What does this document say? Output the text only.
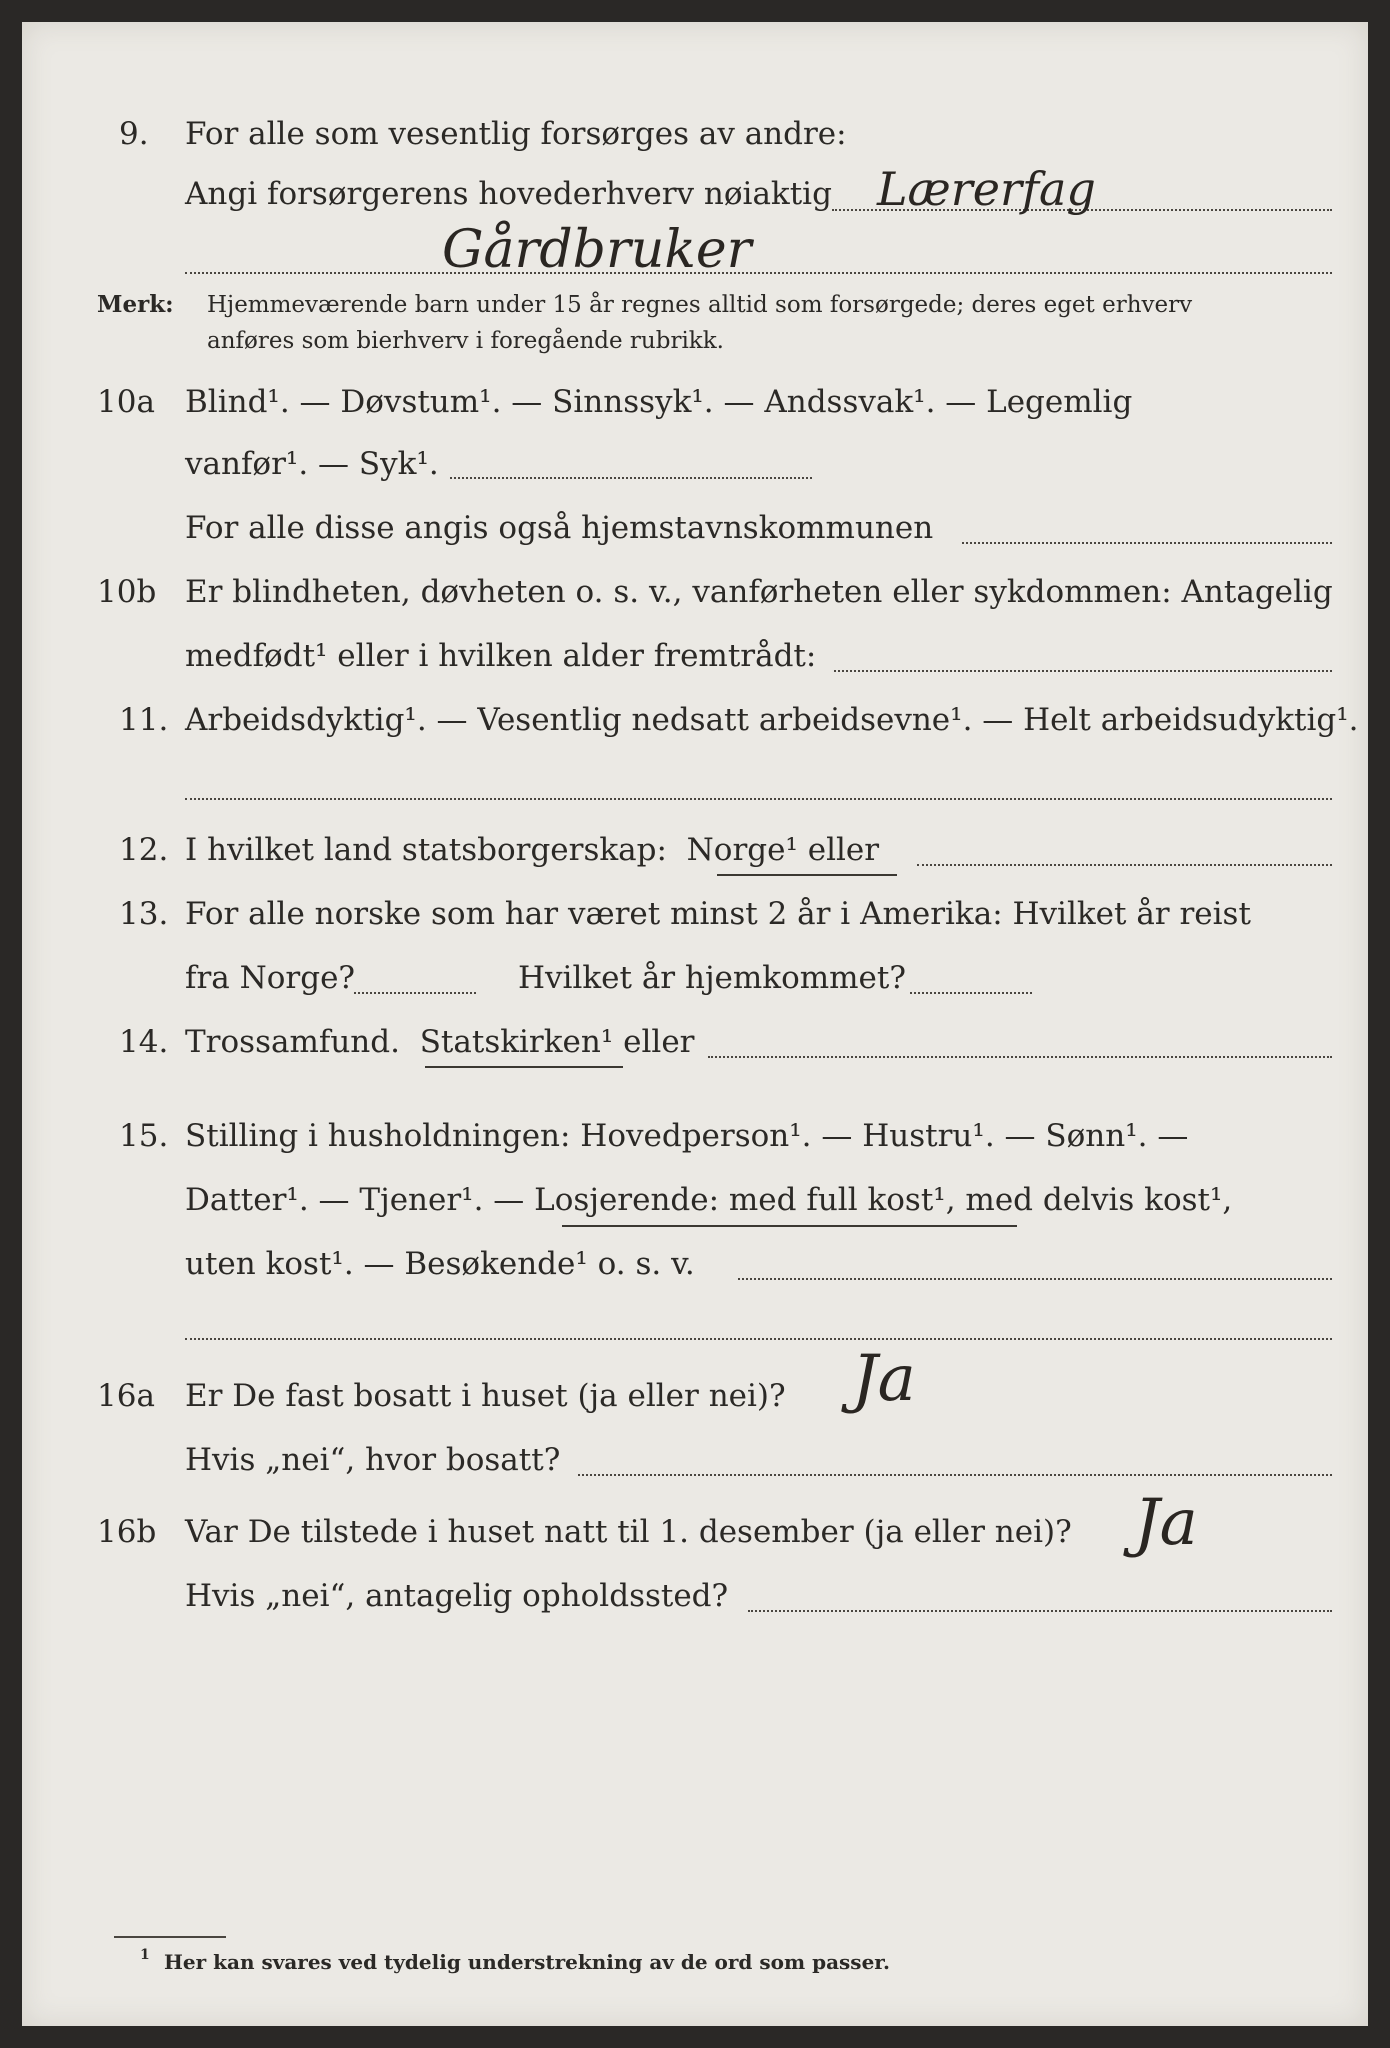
9. For alle som vesentlig forsørges av andre:
Angi forsørgerens hovederhverv nøiaktig Lærerfag
Gårdbruker
Merk: Hjemmeværende barn under 15 år regnes alltid som forsørgede; deres eget erhverv
anføres som bierhverv i foregående rubrikk.
10a Blind¹. — Døvstum¹. — Sinnssyk¹. — Andssvak¹. — Legemlig
vanfør¹. — Syk¹.
For alle disse angis også hjemstavnskommunen
10b Er blindheten, døvheten o. s. v., vanførheten eller sykdommen: Antagelig
medfødt¹ eller i hvilken alder fremtrådt:
11. Arbeidsdyktig¹. — Vesentlig nedsatt arbeidsevne¹. — Helt arbeidsudyktig¹.
12. I hvilket land statsborgerskap: Norge¹ eller
13. For alle norske som har været minst 2 år i Amerika: Hvilket år reist
fra Norge?	Hvilket år hjemkommet?
14. Trossamfund. Statskirken¹ eller
15. Stilling i husholdningen: Hovedperson¹. — Hustru¹. — Sønn¹. —
Datter¹. — Tjener¹. — Losjerende: med full kost¹, med delvis kost¹,
uten kost¹. — Besøkende¹ o. s. v.
16a Er De fast bosatt i huset (ja eller nei)? Ja
Hvis „nei“, hvor bosatt?
16b Var De tilstede i huset natt til 1. desember (ja eller nei)? Ja
Hvis „nei“, antagelig opholdssted?
1 Her kan svares ved tydelig understrekning av de ord som passer.
